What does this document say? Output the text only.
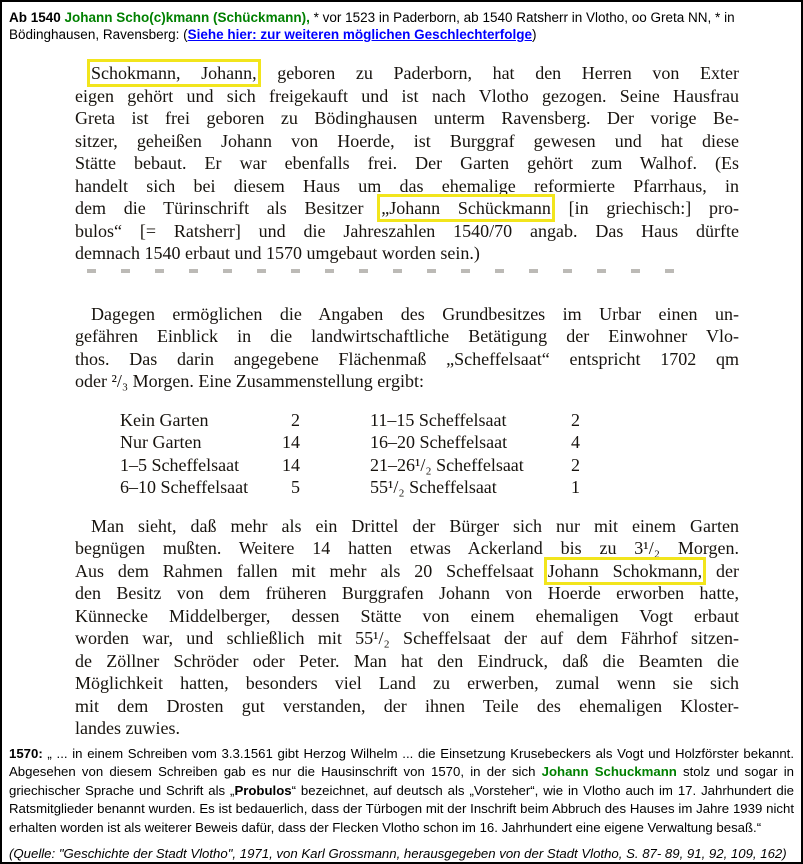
Ab 1540 Johann Scho(c)kmann (Schückmann), * vor 1523 in Paderborn, ab 1540 Ratsherr in Vlotho, oo Greta NN, * in Bödinghausen, Ravensberg: (Siehe hier: zur weiteren möglichen Geschlechterfolge)
Schokmann, Johann, geboren zu Paderborn, hat den Herren von Exter
eigen gehört und sich freigekauft und ist nach Vlotho gezogen. Seine Hausfrau
Greta ist frei geboren zu Bödinghausen unterm Ravensberg. Der vorige Be-
sitzer, geheißen Johann von Hoerde, ist Burggraf gewesen und hat diese
Stätte bebaut. Er war ebenfalls frei. Der Garten gehört zum Walhof. (Es
handelt sich bei diesem Haus um das ehemalige reformierte Pfarrhaus, in
dem die Türinschrift als Besitzer „Johann Schückmann [in griechisch:] pro-
bulos“ [= Ratsherr] und die Jahreszahlen 1540/70 angab. Das Haus dürfte
demnach 1540 erbaut und 1570 umgebaut worden sein.)
Dagegen ermöglichen die Angaben des Grundbesitzes im Urbar einen un-
gefähren Einblick in die landwirtschaftliche Betätigung der Einwohner Vlo-
thos. Das darin angegebene Flächenmaß „Scheffelsaat“ entspricht 1702 qm
oder ²/₃ Morgen. Eine Zusammenstellung ergibt:
Kein Garten	2	11–15 Scheffelsaat	2
Nur Garten	14	16–20 Scheffelsaat	4
1–5 Scheffelsaat	14	21–26¹/₂ Scheffelsaat	2
6–10 Scheffelsaat	5	55¹/₂ Scheffelsaat	1
Man sieht, daß mehr als ein Drittel der Bürger sich nur mit einem Garten
begnügen mußten. Weitere 14 hatten etwas Ackerland bis zu 3¹/₂ Morgen.
Aus dem Rahmen fallen mit mehr als 20 Scheffelsaat Johann Schokmann, der
den Besitz von dem früheren Burggrafen Johann von Hoerde erworben hatte,
Künnecke Middelberger, dessen Stätte von einem ehemaligen Vogt erbaut
worden war, und schließlich mit 55¹/₂ Scheffelsaat der auf dem Fährhof sitzen-
de Zöllner Schröder oder Peter. Man hat den Eindruck, daß die Beamten die
Möglichkeit hatten, besonders viel Land zu erwerben, zumal wenn sie sich
mit dem Drosten gut verstanden, der ihnen Teile des ehemaligen Kloster-
landes zuwies.
1570: „ ... in einem Schreiben vom 3.3.1561 gibt Herzog Wilhelm ... die Einsetzung Krusebeckers als Vogt und Holzförster bekannt. Abgesehen von diesem Schreiben gab es nur die Hausinschrift von 1570, in der sich Johann Schuckmann stolz und sogar in griechischer Sprache und Schrift als „Probulos“ bezeichnet, auf deutsch als „Vorsteher“, wie in Vlotho auch im 17. Jahrhundert die Ratsmitglieder benannt wurden. Es ist bedauerlich, dass der Türbogen mit der Inschrift beim Abbruch des Hauses im Jahre 1939 nicht erhalten worden ist als weiterer Beweis dafür, dass der Flecken Vlotho schon im 16. Jahrhundert eine eigene Verwaltung besaß.“
(Quelle: "Geschichte der Stadt Vlotho", 1971, von Karl Grossmann, herausgegeben von der Stadt Vlotho, S. 87- 89, 91, 92, 109, 162)
